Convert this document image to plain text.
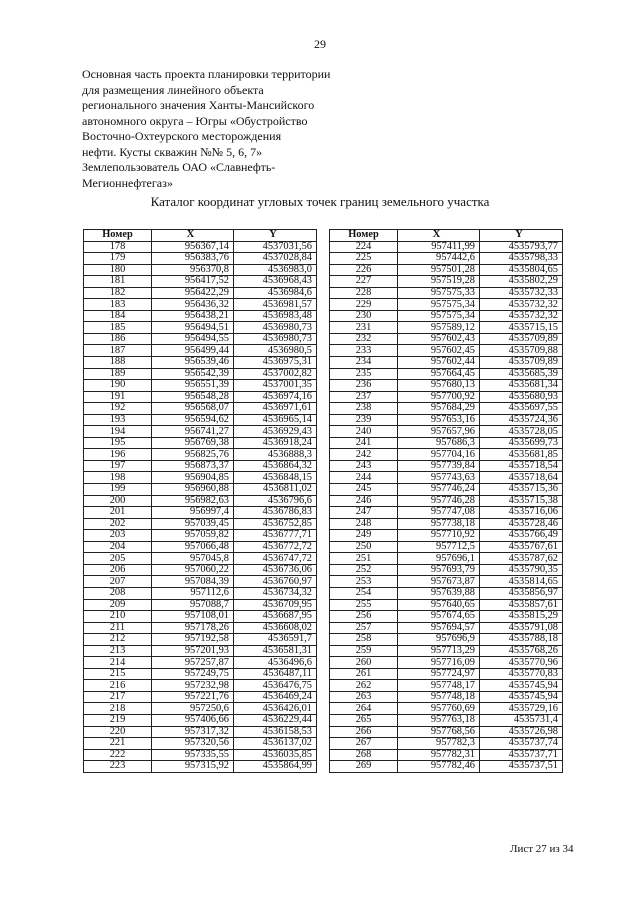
29
Основная часть проекта планировки территории
для размещения линейного объекта
регионального значения Ханты-Мансийского
автономного округа – Югры «Обустройство
Восточно-Охтеурского месторождения
нефти. Кусты скважин №№ 5, 6, 7»
Землепользователь ОАО «Славнефть-
Мегионнефтегаз»
Каталог координат угловых точек границ земельного участка
Номер	X	Y
178	956367,14	4537031,56
179	956383,76	4537028,84
180	956370,8	4536983,0
181	956417,52	4536968,43
182	956422,29	4536984,6
183	956436,32	4536981,57
184	956438,21	4536983,48
185	956494,51	4536980,73
186	956494,55	4536980,73
187	956499,44	4536980,5
188	956539,46	4536975,31
189	956542,39	4537002,82
190	956551,39	4537001,35
191	956548,28	4536974,16
192	956568,07	4536971,61
193	956594,62	4536965,14
194	956741,27	4536929,43
195	956769,38	4536918,24
196	956825,76	4536888,3
197	956873,37	4536864,32
198	956904,85	4536848,15
199	956960,88	4536811,02
200	956982,63	4536796,6
201	956997,4	4536786,83
202	957039,45	4536752,85
203	957059,82	4536777,71
204	957066,48	4536772,72
205	957045,8	4536747,72
206	957060,22	4536736,06
207	957084,39	4536760,97
208	957112,6	4536734,32
209	957088,7	4536709,95
210	957108,01	4536687,95
211	957178,26	4536608,02
212	957192,58	4536591,7
213	957201,93	4536581,31
214	957257,87	4536496,6
215	957249,75	4536487,11
216	957232,98	4536476,75
217	957221,76	4536469,24
218	957250,6	4536426,01
219	957406,66	4536229,44
220	957317,32	4536158,53
221	957320,56	4536137,02
222	957335,55	4536035,85
223	957315,92	4535864,99
Номер	X	Y
224	957411,99	4535793,77
225	957442,6	4535798,33
226	957501,28	4535804,65
227	957519,28	4535802,29
228	957575,33	4535732,33
229	957575,34	4535732,32
230	957575,34	4535732,32
231	957589,12	4535715,15
232	957602,43	4535709,89
233	957602,45	4535709,88
234	957602,44	4535709,89
235	957664,45	4535685,39
236	957680,13	4535681,34
237	957700,92	4535680,93
238	957684,29	4535697,55
239	957653,16	4535724,36
240	957657,96	4535728,05
241	957686,3	4535699,73
242	957704,16	4535681,85
243	957739,84	4535718,54
244	957743,63	4535718,64
245	957746,24	4535715,36
246	957746,28	4535715,38
247	957747,08	4535716,06
248	957738,18	4535728,46
249	957710,92	4535766,49
250	957712,5	4535767,61
251	957696,1	4535787,62
252	957693,79	4535790,35
253	957673,87	4535814,65
254	957639,88	4535856,97
255	957640,65	4535857,61
256	957674,65	4535815,29
257	957694,57	4535791,08
258	957696,9	4535788,18
259	957713,29	4535768,26
260	957716,09	4535770,96
261	957724,97	4535770,83
262	957748,17	4535745,94
263	957748,18	4535745,94
264	957760,69	4535729,16
265	957763,18	4535731,4
266	957768,56	4535726,98
267	957782,3	4535737,74
268	957782,31	4535737,71
269	957782,46	4535737,51
Лист 27 из 34
